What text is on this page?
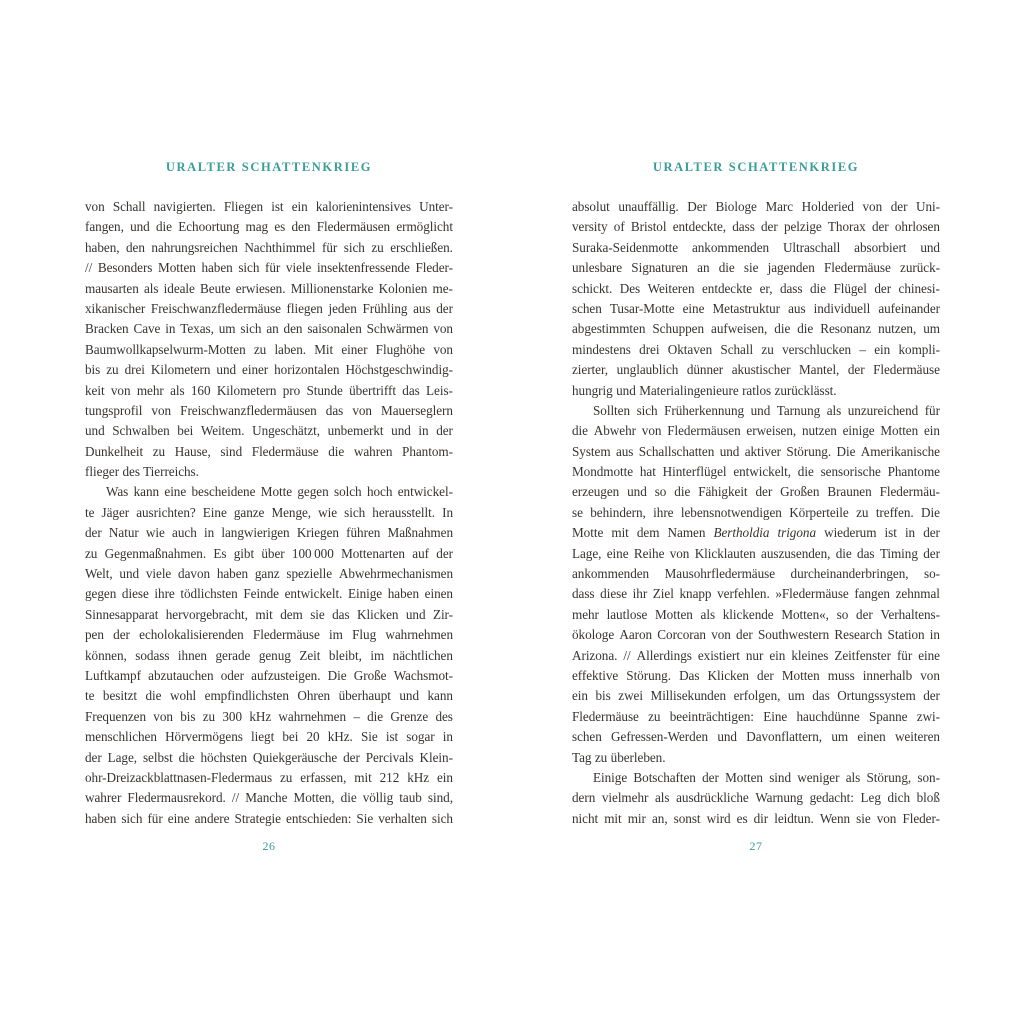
URALTER SCHATTENKRIEG
von Schall navigierten. Fliegen ist ein kalorienintensives Unter-
fangen, und die Echoortung mag es den Fledermäusen ermöglicht
haben, den nahrungsreichen Nachthimmel für sich zu erschließen.
// Besonders Motten haben sich für viele insektenfressende Fleder-
mausarten als ideale Beute erwiesen. Millionenstarke Kolonien me-
xikanischer Freischwanzfledermäuse fliegen jeden Frühling aus der
Bracken Cave in Texas, um sich an den saisonalen Schwärmen von
Baumwollkapselwurm-Motten zu laben. Mit einer Flughöhe von
bis zu drei Kilometern und einer horizontalen Höchstgeschwindig-
keit von mehr als 160 Kilometern pro Stunde übertrifft das Leis-
tungsprofil von Freischwanzfledermäusen das von Mauerseglern
und Schwalben bei Weitem. Ungeschätzt, unbemerkt und in der
Dunkelheit zu Hause, sind Fledermäuse die wahren Phantom-
flieger des Tierreichs.
Was kann eine bescheidene Motte gegen solch hoch entwickel-
te Jäger ausrichten? Eine ganze Menge, wie sich herausstellt. In
der Natur wie auch in langwierigen Kriegen führen Maßnahmen
zu Gegenmaßnahmen. Es gibt über 100 000 Mottenarten auf der
Welt, und viele davon haben ganz spezielle Abwehrmechanismen
gegen diese ihre tödlichsten Feinde entwickelt. Einige haben einen
Sinnesapparat hervorgebracht, mit dem sie das Klicken und Zir-
pen der echolokalisierenden Fledermäuse im Flug wahrnehmen
können, sodass ihnen gerade genug Zeit bleibt, im nächtlichen
Luftkampf abzutauchen oder aufzusteigen. Die Große Wachsmot-
te besitzt die wohl empfindlichsten Ohren überhaupt und kann
Frequenzen von bis zu 300 kHz wahrnehmen – die Grenze des
menschlichen Hörvermögens liegt bei 20 kHz. Sie ist sogar in
der Lage, selbst die höchsten Quiekgeräusche der Percivals Klein-
ohr-Dreizackblattnasen-Fledermaus zu erfassen, mit 212 kHz ein
wahrer Fledermausrekord. // Manche Motten, die völlig taub sind,
haben sich für eine andere Strategie entschieden: Sie verhalten sich
26
URALTER SCHATTENKRIEG
absolut unauffällig. Der Biologe Marc Holderied von der Uni-
versity of Bristol entdeckte, dass der pelzige Thorax der ohrlosen
Suraka-Seidenmotte ankommenden Ultraschall absorbiert und
unlesbare Signaturen an die sie jagenden Fledermäuse zurück-
schickt. Des Weiteren entdeckte er, dass die Flügel der chinesi-
schen Tusar-Motte eine Metastruktur aus individuell aufeinander
abgestimmten Schuppen aufweisen, die die Resonanz nutzen, um
mindestens drei Oktaven Schall zu verschlucken – ein kompli-
zierter, unglaublich dünner akustischer Mantel, der Fledermäuse
hungrig und Materialingenieure ratlos zurücklässt.
Sollten sich Früherkennung und Tarnung als unzureichend für
die Abwehr von Fledermäusen erweisen, nutzen einige Motten ein
System aus Schallschatten und aktiver Störung. Die Amerikanische
Mondmotte hat Hinterflügel entwickelt, die sensorische Phantome
erzeugen und so die Fähigkeit der Großen Braunen Fledermäu-
se behindern, ihre lebensnotwendigen Körperteile zu treffen. Die
Motte mit dem Namen Bertholdia trigona wiederum ist in der
Lage, eine Reihe von Klicklauten auszusenden, die das Timing der
ankommenden Mausohrfledermäuse durcheinanderbringen, so-
dass diese ihr Ziel knapp verfehlen. »Fledermäuse fangen zehnmal
mehr lautlose Motten als klickende Motten«, so der Verhaltens-
ökologe Aaron Corcoran von der Southwestern Research Station in
Arizona. // Allerdings existiert nur ein kleines Zeitfenster für eine
effektive Störung. Das Klicken der Motten muss innerhalb von
ein bis zwei Millisekunden erfolgen, um das Ortungssystem der
Fledermäuse zu beeinträchtigen: Eine hauchdünne Spanne zwi-
schen Gefressen-Werden und Davonflattern, um einen weiteren
Tag zu überleben.
Einige Botschaften der Motten sind weniger als Störung, son-
dern vielmehr als ausdrückliche Warnung gedacht: Leg dich bloß
nicht mit mir an, sonst wird es dir leidtun. Wenn sie von Fleder-
27
